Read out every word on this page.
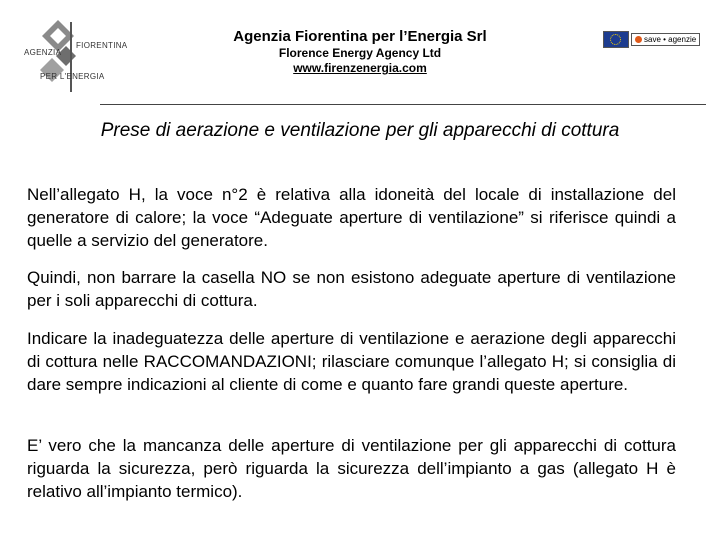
AGENZIA
FIORENTINA
PER L'ENERGIA
Agenzia Fiorentina per l’Energia Srl
Florence Energy Agency Ltd
www.firenzenergia.com
save • agenzie
Prese di aerazione e ventilazione per gli apparecchi di cottura

Nell’allegato H, la voce n°2 è relativa alla idoneità del locale di installazione del generatore di calore; la voce “Adeguate aperture di ventilazione” si riferisce quindi a quelle a servizio del generatore.

Quindi, non barrare la casella NO se non esistono adeguate aperture di ventilazione per i soli apparecchi di cottura.

Indicare la inadeguatezza delle aperture di ventilazione e aerazione degli apparecchi di cottura nelle RACCOMANDAZIONI; rilasciare comunque l’allegato H; si consiglia di dare sempre indicazioni al cliente di come e quanto fare grandi queste aperture.

E’ vero che la mancanza delle aperture di ventilazione per gli apparecchi di cottura riguarda la sicurezza, però riguarda la sicurezza dell’impianto a gas (allegato H è relativo all’impianto termico).
